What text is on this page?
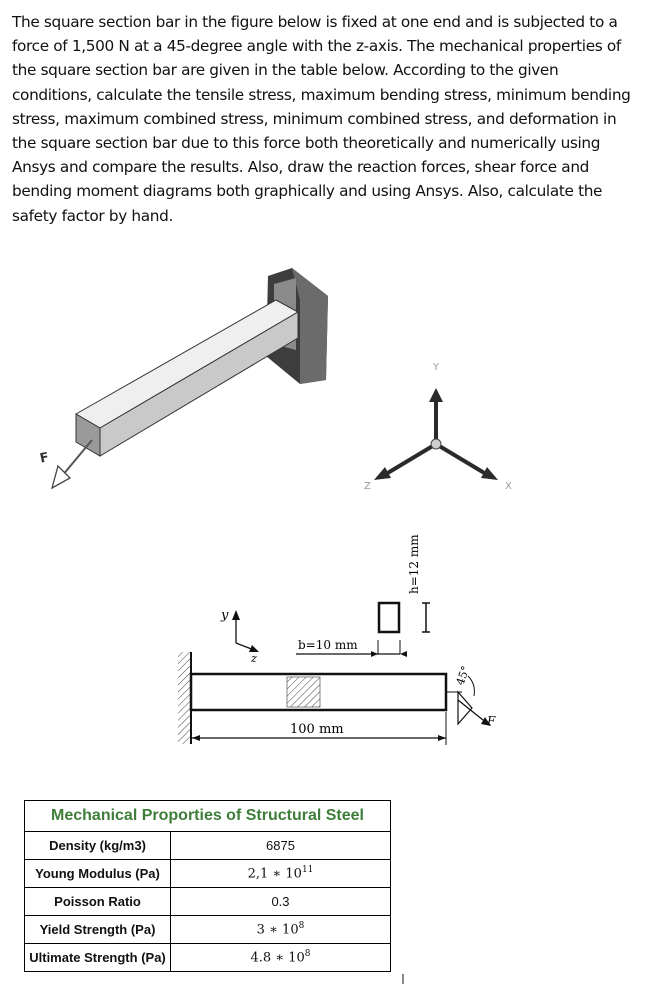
The square section bar in the figure below is fixed at one end and is subjected to a force of 1,500 N at a 45-degree angle with the z-axis. The mechanical properties of the square section bar are given in the table below. According to the given conditions, calculate the tensile stress, maximum bending stress, minimum bending stress, maximum combined stress, minimum combined stress, and deformation in the square section bar due to this force both theoretically and numerically using Ansys and compare the results. Also, draw the reaction forces, shear force and bending moment diagrams both graphically and using Ansys. Also, calculate the safety factor by hand.

F
Y
Z	X
h=12 mm
b=10 mm
y
z
100 mm
45°
F
Mechanical Proporties of Structural Steel	
Density (kg/m3)	6875
Young Modulus (Pa)	2,1 ∗ $10^{11}$
Poisson Ratio	0.3
Yield Strength (Pa)	3 ∗ $10^8$
Ultimate Strength (Pa)	4.8 ∗ $10^8$
